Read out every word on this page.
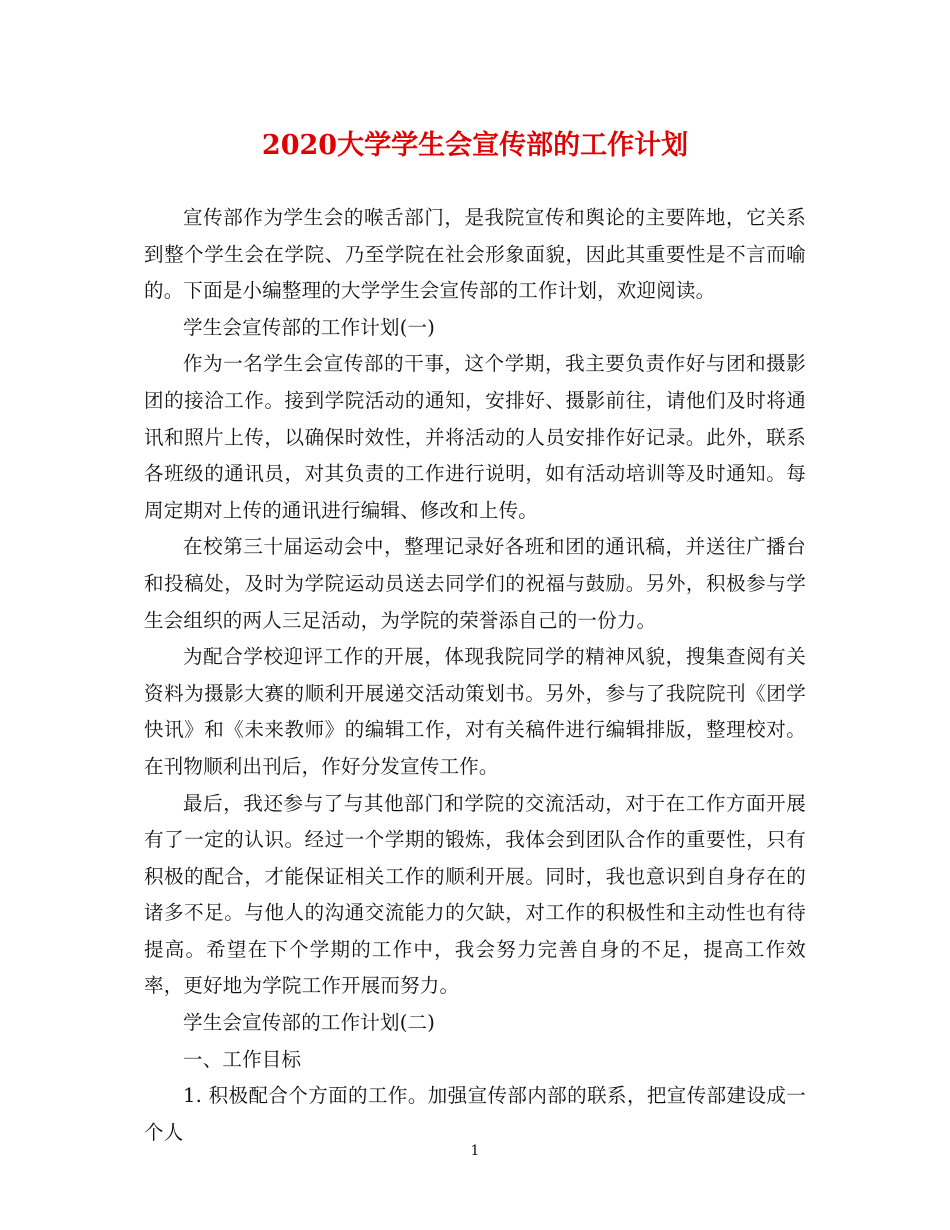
2020大学学生会宣传部的工作计划

宣传部作为学生会的喉舌部门，是我院宣传和舆论的主要阵地，它关系到整个学生会在学院、乃至学院在社会形象面貌，因此其重要性是不言而喻的。下面是小编整理的大学学生会宣传部的工作计划，欢迎阅读。

学生会宣传部的工作计划(一)

作为一名学生会宣传部的干事，这个学期，我主要负责作好与团和摄影团的接洽工作。接到学院活动的通知，安排好、摄影前往，请他们及时将通讯和照片上传，以确保时效性，并将活动的人员安排作好记录。此外，联系各班级的通讯员，对其负责的工作进行说明，如有活动培训等及时通知。每周定期对上传的通讯进行编辑、修改和上传。

在校第三十届运动会中，整理记录好各班和团的通讯稿，并送往广播台和投稿处，及时为学院运动员送去同学们的祝福与鼓励。另外，积极参与学生会组织的两人三足活动，为学院的荣誉添自己的一份力。

为配合学校迎评工作的开展，体现我院同学的精神风貌，搜集查阅有关资料为摄影大赛的顺利开展递交活动策划书。另外，参与了我院院刊《团学快讯》和《未来教师》的编辑工作，对有关稿件进行编辑排版，整理校对。在刊物顺利出刊后，作好分发宣传工作。

最后，我还参与了与其他部门和学院的交流活动，对于在工作方面开展有了一定的认识。经过一个学期的锻炼，我体会到团队合作的重要性，只有积极的配合，才能保证相关工作的顺利开展。同时，我也意识到自身存在的诸多不足。与他人的沟通交流能力的欠缺，对工作的积极性和主动性也有待提高。希望在下个学期的工作中，我会努力完善自身的不足，提高工作效率，更好地为学院工作开展而努力。

学生会宣传部的工作计划(二)

一、工作目标

1. 积极配合个方面的工作。加强宣传部内部的联系，把宣传部建设成一个人

1
